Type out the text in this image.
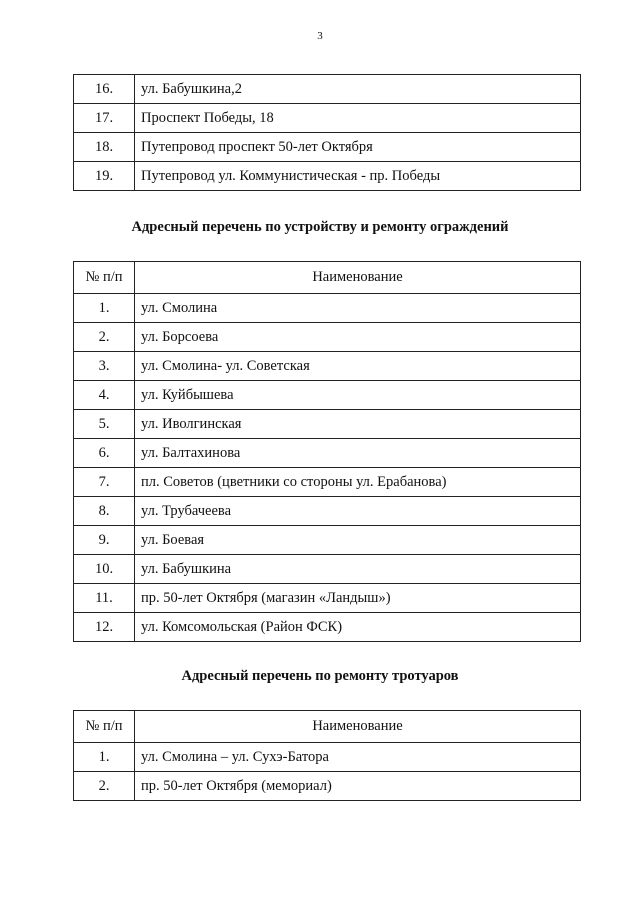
3
16.	ул. Бабушкина,2
17.	Проспект Победы, 18
18.	Путепровод проспект 50-лет Октября
19.	Путепровод ул. Коммунистическая - пр. Победы
Адресный перечень по устройству и ремонту ограждений
№ п/п	Наименование
1.	ул. Смолина
2.	ул. Борсоева
3.	ул. Смолина- ул. Советская
4.	ул. Куйбышева
5.	ул. Иволгинская
6.	ул. Балтахинова
7.	пл. Советов (цветники со стороны ул. Ерабанова)
8.	ул. Трубачеева
9.	ул. Боевая
10.	ул. Бабушкина
11.	пр. 50-лет Октября (магазин «Ландыш»)
12.	ул. Комсомольская (Район ФСК)
Адресный перечень по ремонту тротуаров
№ п/п	Наименование
1.	ул. Смолина – ул. Сухэ-Батора
2.	пр. 50-лет Октября (мемориал)
